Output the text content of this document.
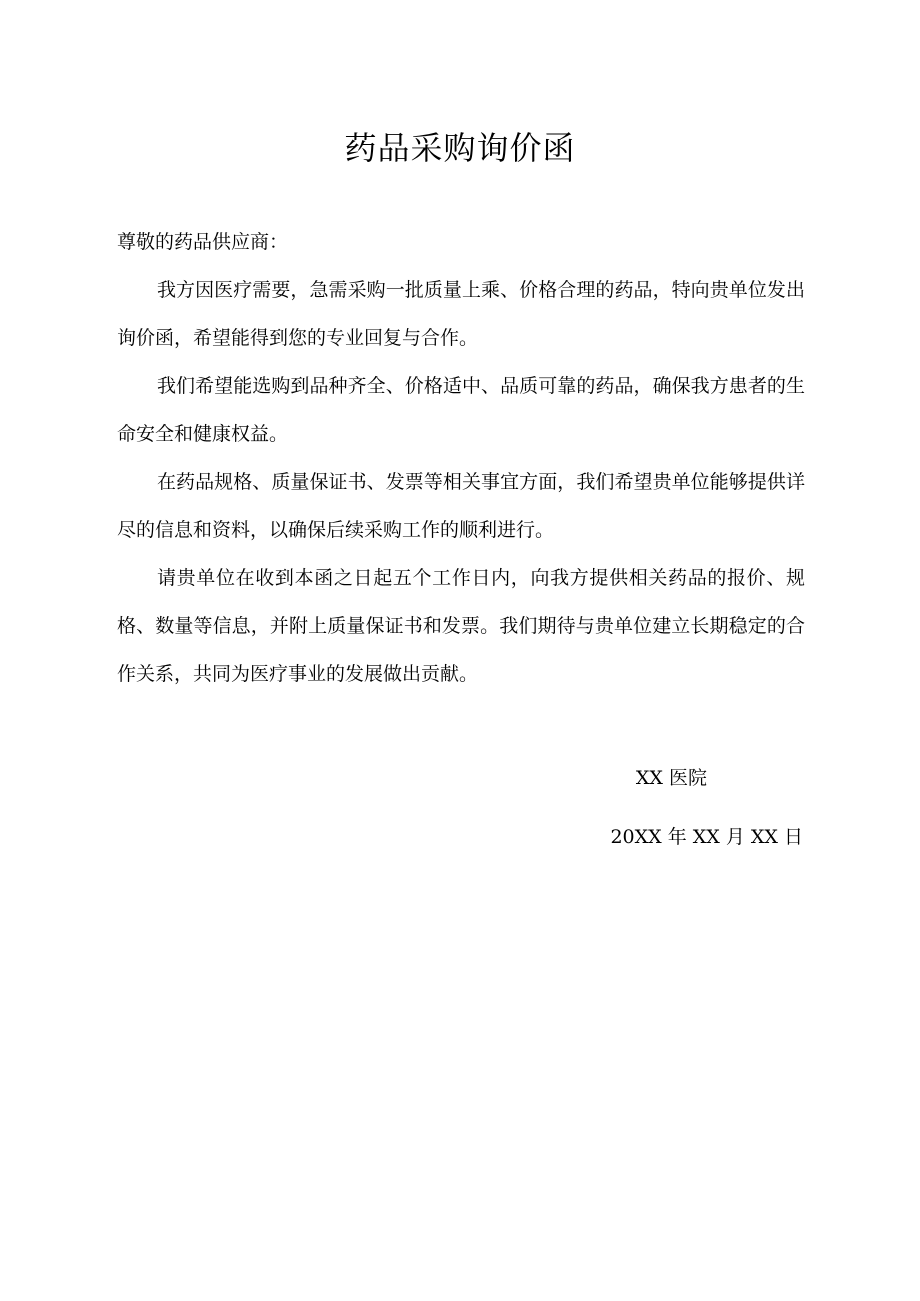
药品采购询价函
尊敬的药品供应商：

我方因医疗需要，急需采购一批质量上乘、价格合理的药品，特向贵单位发出询价函，希望能得到您的专业回复与合作。

我们希望能选购到品种齐全、价格适中、品质可靠的药品，确保我方患者的生命安全和健康权益。

在药品规格、质量保证书、发票等相关事宜方面，我们希望贵单位能够提供详尽的信息和资料，以确保后续采购工作的顺利进行。

请贵单位在收到本函之日起五个工作日内，向我方提供相关药品的报价、规格、数量等信息，并附上质量保证书和发票。我们期待与贵单位建立长期稳定的合作关系，共同为医疗事业的发展做出贡献。

XX 医院
20XX 年 XX 月 XX 日
